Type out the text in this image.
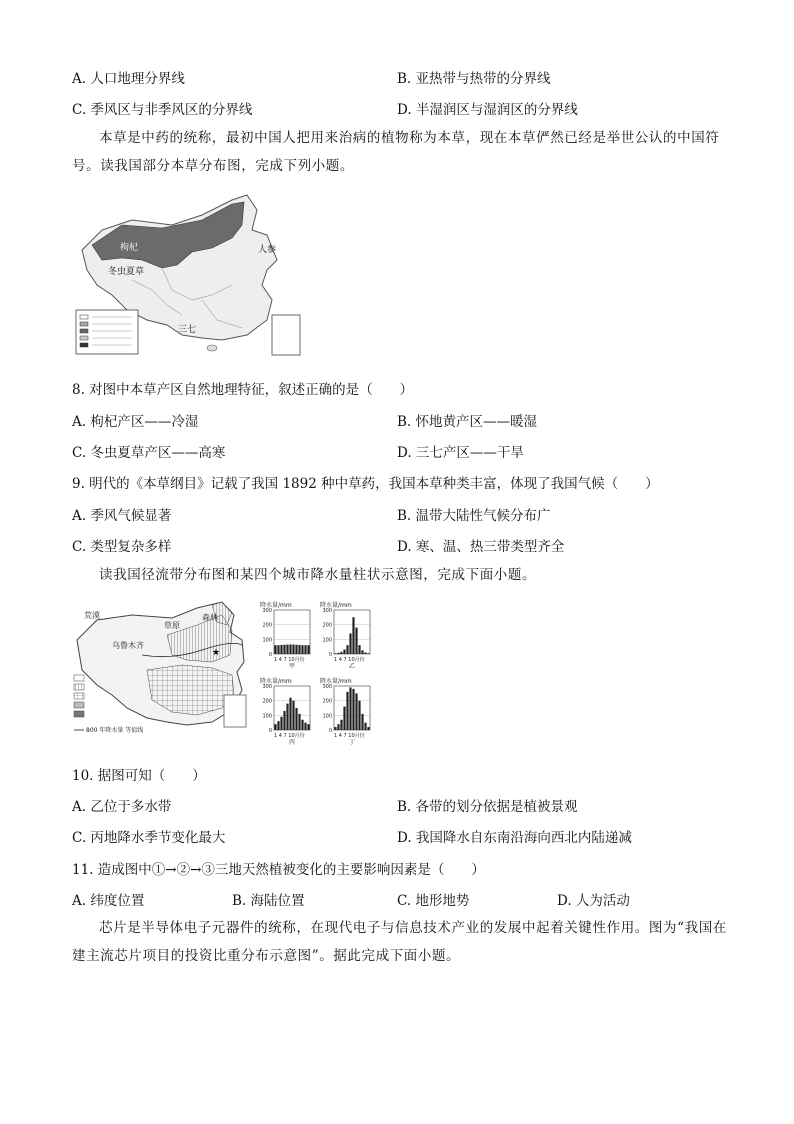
A. 人口地理分界线	B. 亚热带与热带的分界线
C. 季风区与非季风区的分界线	D. 半湿润区与湿润区的分界线
本草是中药的统称，最初中国人把用来治病的植物称为本草，现在本草俨然已经是举世公认的中国符号。读我国部分本草分布图，完成下列小题。
枸杞	人参
冬虫夏草
三七
8. 对图中本草产区自然地理特征，叙述正确的是（　　）
A. 枸杞产区——冷湿	B. 怀地黄产区——暖湿
C. 冬虫夏草产区——高寒	D. 三七产区——干旱
9. 明代的《本草纲目》记载了我国 1892 种中草药，我国本草种类丰富，体现了我国气候（　　）
A. 季风气候显著	B. 温带大陆性气候分布广
C. 类型复杂多样	D. 寒、温、热三带类型齐全
读我国径流带分布图和某四个城市降水量柱状示意图，完成下面小题。
★
800 年降水量 等值线
荒漠
草原
森林
乌鲁木齐
降水量/mm
300
200
100
0
1 4 7 10月份
甲
降水量/mm
300
200
100
0
1 4 7 10月份
乙
降水量/mm
300
200
100
0
1 4 7 10月份
丙
降水量/mm
300
200
100
0
1 4 7 10月份
丁
10. 据图可知（　　）
A. 乙位于多水带	B. 各带的划分依据是植被景观
C. 丙地降水季节变化最大	D. 我国降水自东南沿海向西北内陆递减
11. 造成图中①→②→③三地天然植被变化的主要影响因素是（　　）
A. 纬度位置	B. 海陆位置	C. 地形地势	D. 人为活动
芯片是半导体电子元器件的统称，在现代电子与信息技术产业的发展中起着关键性作用。图为“我国在建主流芯片项目的投资比重分布示意图”。据此完成下面小题。
